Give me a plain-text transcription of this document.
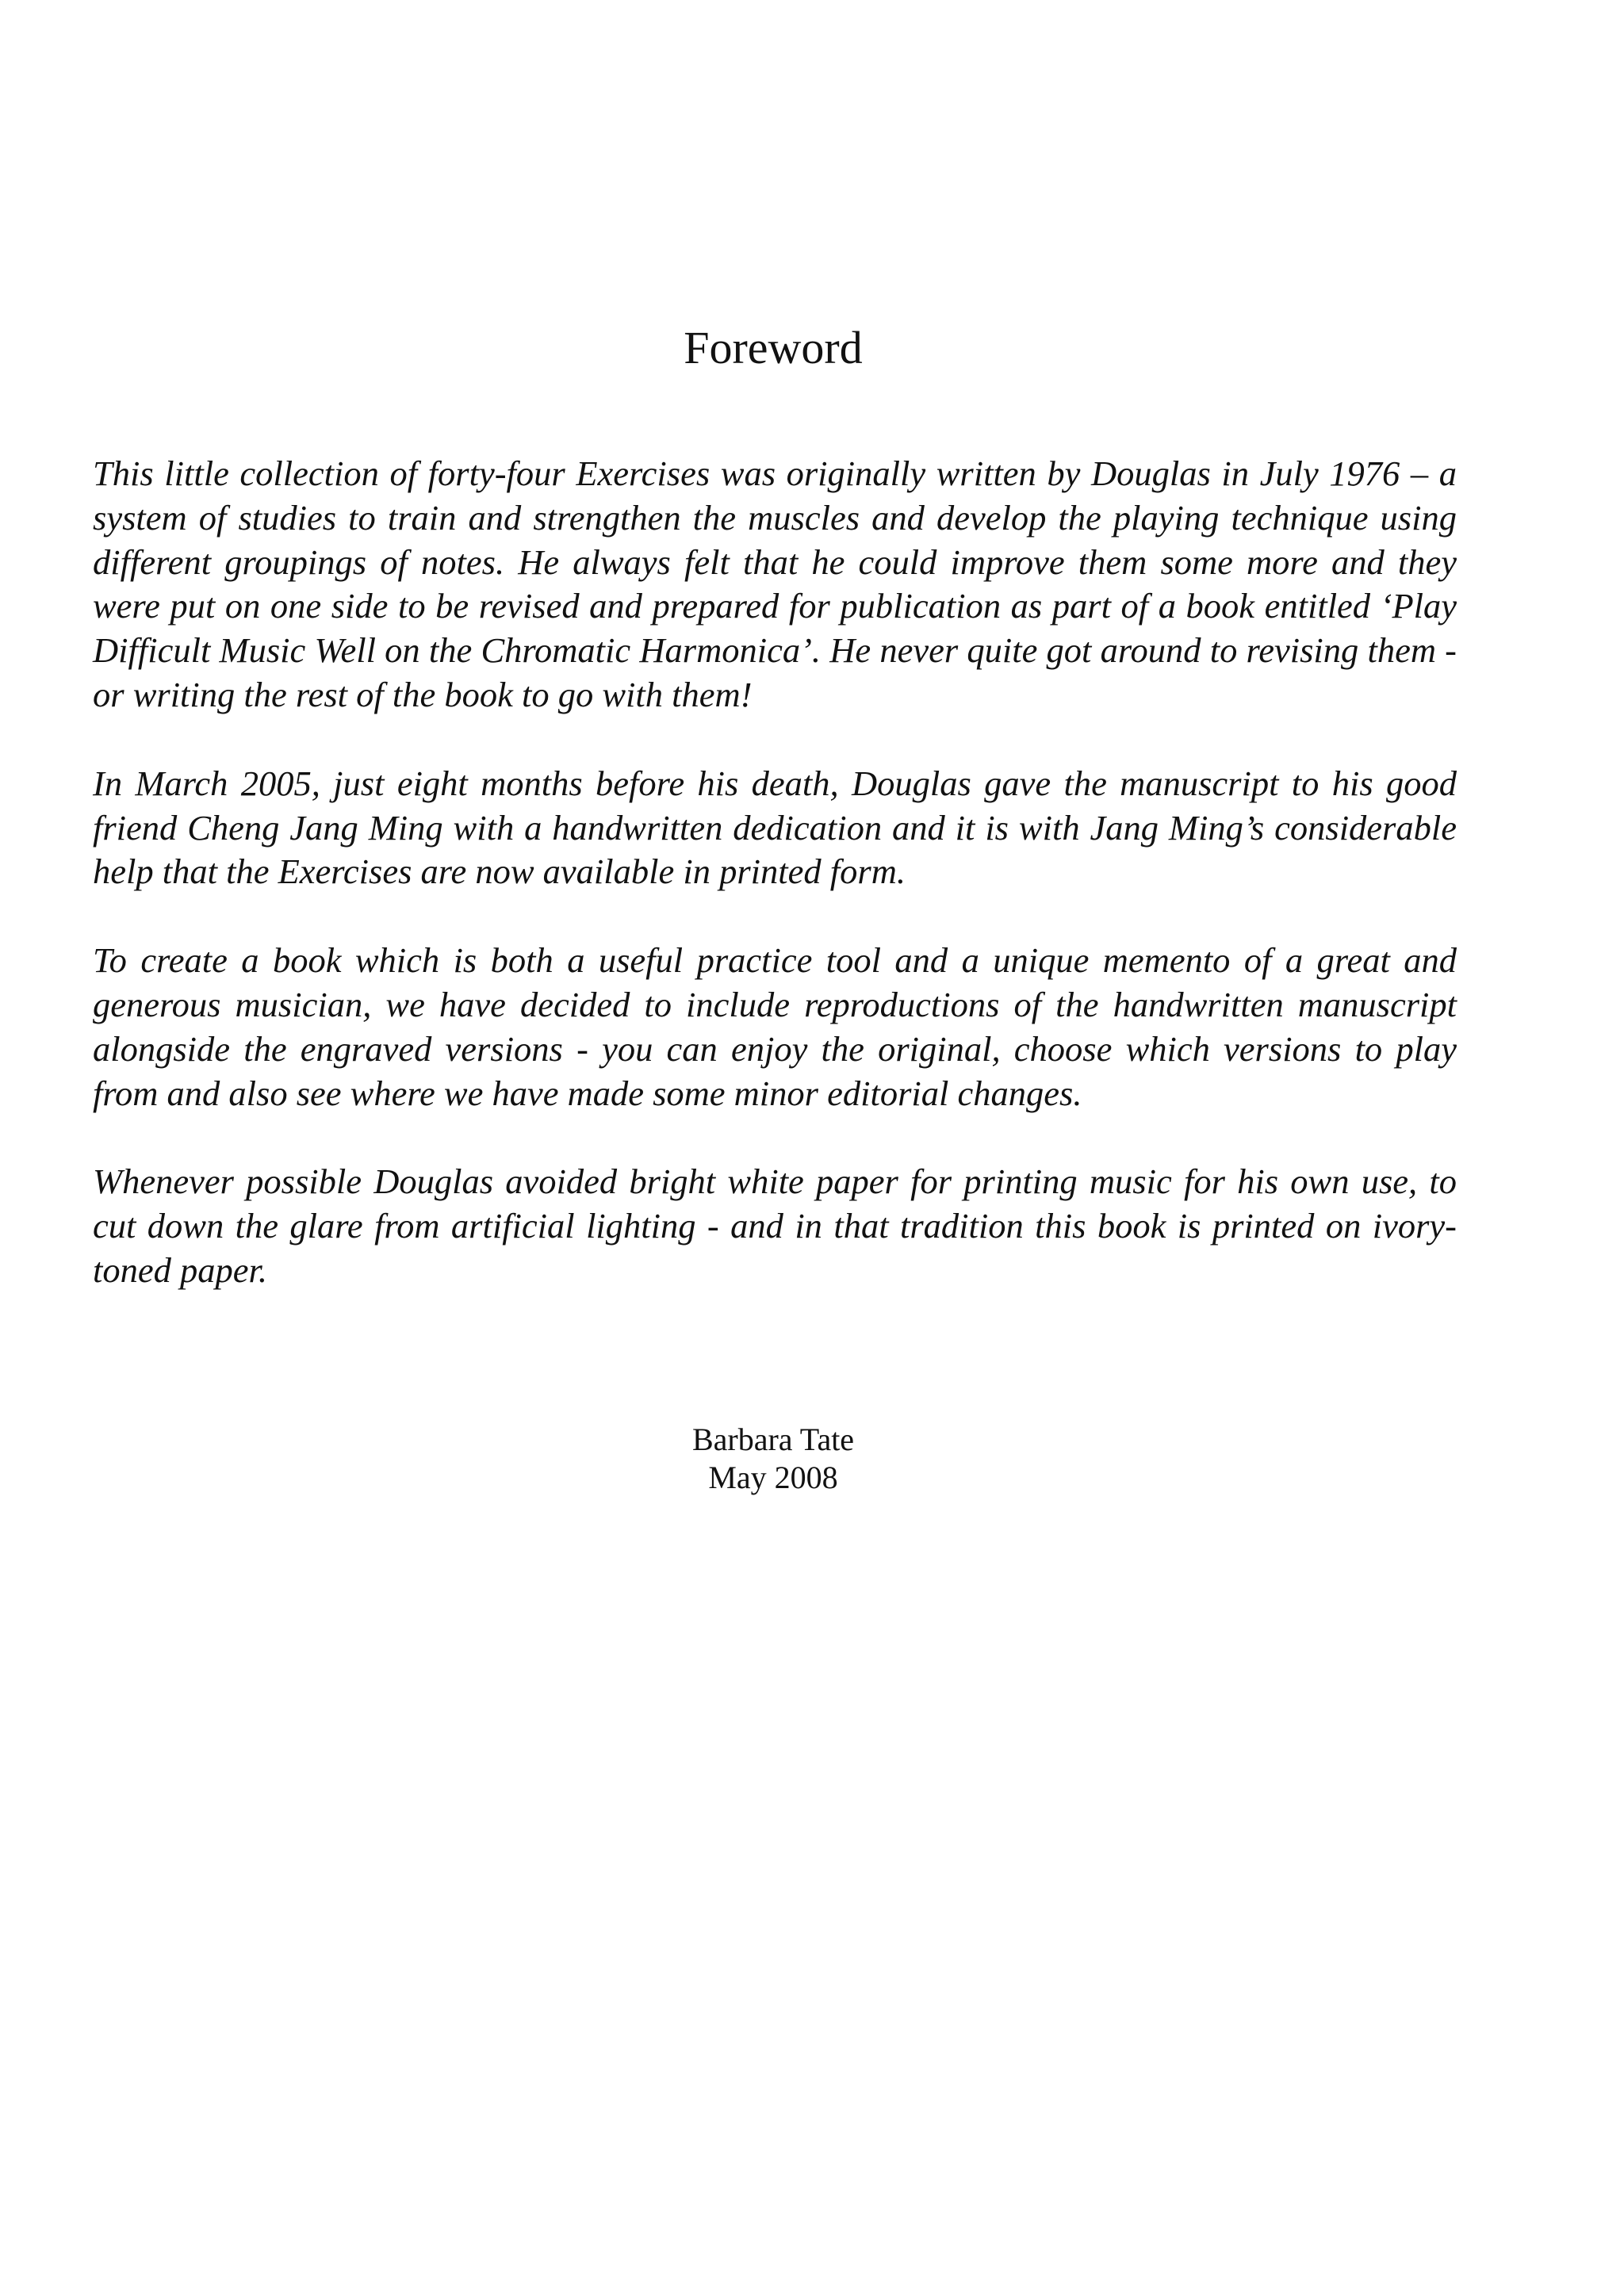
Foreword

This little collection of forty-four Exercises was originally written by Douglas in July 1976 – a system of studies to train and strengthen the muscles and develop the playing technique using different groupings of notes. He always felt that he could improve them some more and they were put on one side to be revised and prepared for publication as part of a book entitled ‘Play Difficult Music Well on the Chromatic Harmonica’. He never quite got around to revising them - or writing the rest of the book to go with them!

In March 2005, just eight months before his death, Douglas gave the manuscript to his good friend Cheng Jang Ming with a handwritten dedication and it is with Jang Ming’s considerable help that the Exercises are now available in printed form.

To create a book which is both a useful practice tool and a unique memento of a great and generous musician, we have decided to include reproductions of the handwritten manuscript alongside the engraved versions - you can enjoy the original, choose which versions to play from and also see where we have made some minor editorial changes.

Whenever possible Douglas avoided bright white paper for printing music for his own use, to cut down the glare from artificial lighting - and in that tradition this book is printed on ivory-toned paper.

Barbara Tate
May 2008
